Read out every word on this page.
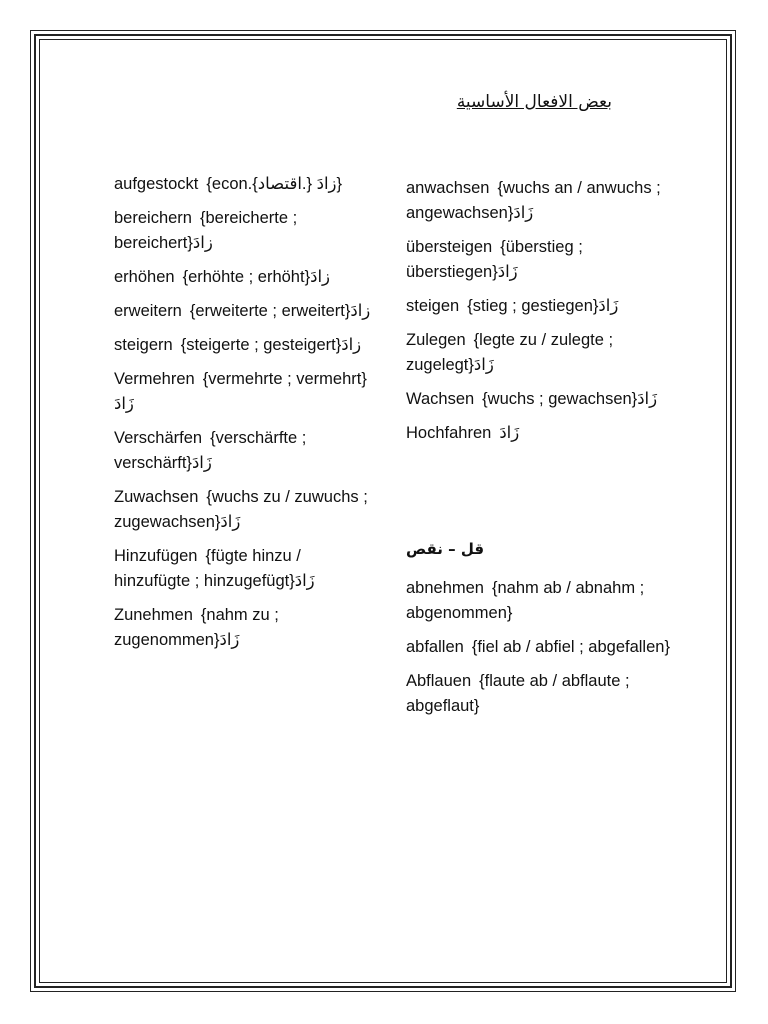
بعض الافعال الأساسية
aufgestockt {econ.{اقتصاد.} زادَ}
bereichern {bereicherte ; bereichert}زادَ
erhöhen {erhöhte ; erhöht}زادَ
erweitern {erweiterte ; erweitert}زادَ
steigern {steigerte ; gesteigert}زادَ
Vermehren {vermehrte ; vermehrt}زَادَ
Verschärfen {verschärfte ; verschärft}زَادَ
Zuwachsen {wuchs zu / zuwuchs ; zugewachsen}زَادَ
Hinzufügen {fügte hinzu / hinzufügte ; hinzugefügt}زَادَ
Zunehmen {nahm zu ; zugenommen}زَادَ
anwachsen {wuchs an / anwuchs ; angewachsen}زَادَ
übersteigen {überstieg ; überstiegen}زَادَ
steigen {stieg ; gestiegen}زَادَ
Zulegen {legte zu / zulegte ; zugelegt}زَادَ
Wachsen {wuchs ; gewachsen}زَادَ
Hochfahren زَادَ
قل – نقص
abnehmen {nahm ab / abnahm ; abgenommen}
abfallen {fiel ab / abfiel ; abgefallen}
Abflauen {flaute ab / abflaute ; abgeflaut}
